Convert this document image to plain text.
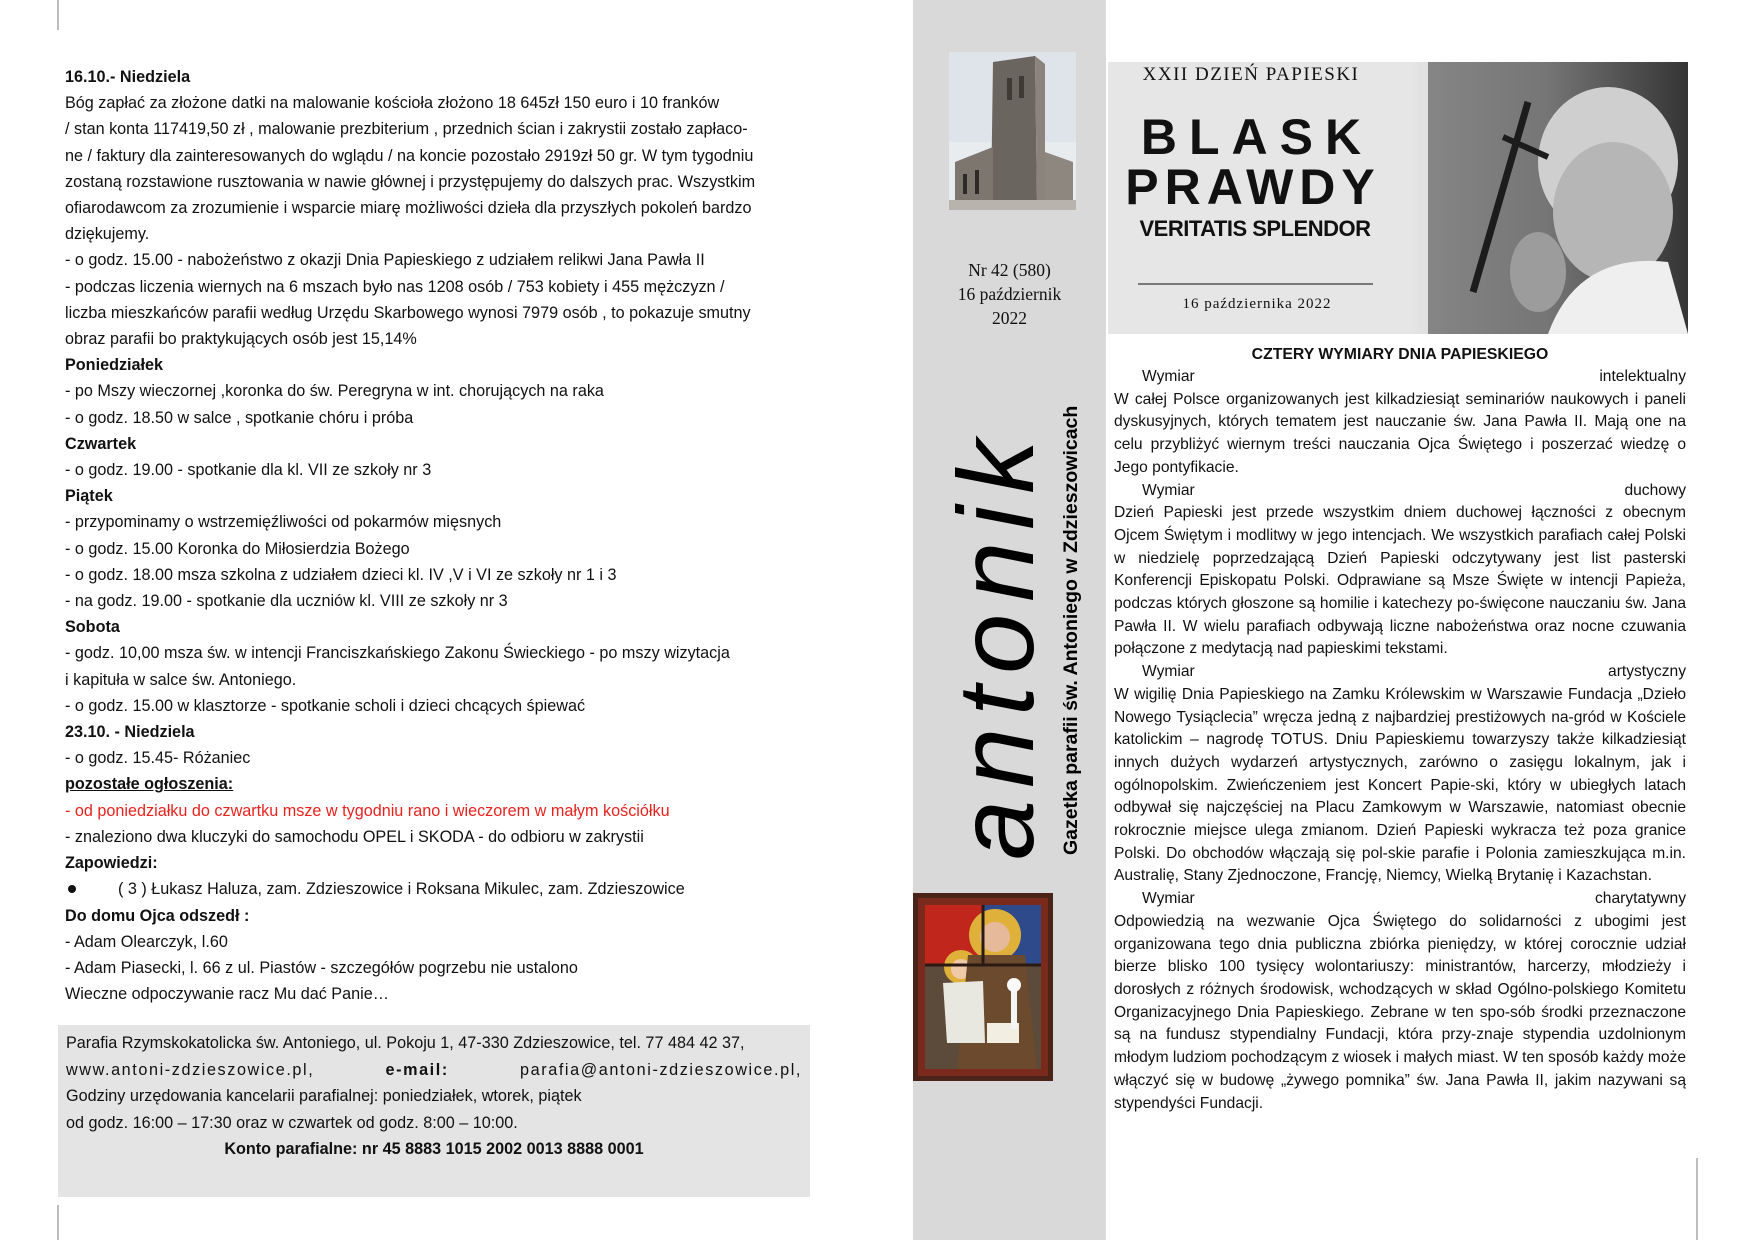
16.10.- Niedziela
Bóg zapłać za złożone datki na malowanie kościoła złożono 18 645zł 150 euro i 10 franków
/ stan konta 117419,50 zł , malowanie prezbiterium , przednich ścian i zakrystii zostało zapłaco-
ne / faktury dla zainteresowanych do wglądu / na koncie pozostało 2919zł 50 gr. W tym tygodniu
zostaną rozstawione rusztowania w nawie głównej i przystępujemy do dalszych prac. Wszystkim
ofiarodawcom za zrozumienie i wsparcie miarę możliwości dzieła dla przyszłych pokoleń bardzo
dziękujemy.
- o godz. 15.00 - nabożeństwo z okazji Dnia Papieskiego z udziałem relikwi Jana Pawła II
- podczas liczenia wiernych na 6 mszach było nas 1208 osób / 753 kobiety i 455 mężczyzn /
liczba mieszkańców parafii według Urzędu Skarbowego wynosi 7979 osób , to pokazuje smutny
obraz parafii bo praktykujących osób jest 15,14%
Poniedziałek
- po Mszy wieczornej ,koronka do św. Peregryna w int. chorujących na raka
- o godz. 18.50 w salce , spotkanie chóru i próba
Czwartek
- o godz. 19.00 - spotkanie dla kl. VII ze szkoły nr 3
Piątek
- przypominamy o wstrzemięźliwości od pokarmów mięsnych
- o godz. 15.00 Koronka do Miłosierdzia Bożego
- o godz. 18.00 msza szkolna z udziałem dzieci kl. IV ,V i VI ze szkoły nr 1 i 3
- na godz. 19.00 - spotkanie dla uczniów kl. VIII ze szkoły nr 3
Sobota
- godz. 10,00 msza św. w intencji Franciszkańskiego Zakonu Świeckiego - po mszy wizytacja
i kapituła w salce św. Antoniego.
- o godz. 15.00 w klasztorze - spotkanie scholi i dzieci chcących śpiewać
23.10. - Niedziela
- o godz. 15.45- Różaniec
pozostałe ogłoszenia:
- od poniedziałku do czwartku msze w tygodniu rano i wieczorem w małym kościółku
- znaleziono dwa kluczyki do samochodu OPEL i SKODA - do odbioru w zakrystii
Zapowiedzi:
( 3 ) Łukasz Haluza, zam. Zdzieszowice i Roksana Mikulec, zam. Zdzieszowice
Do domu Ojca odszedł :
- Adam Olearczyk, l.60
- Adam Piasecki, l. 66 z ul. Piastów - szczegółów pogrzebu nie ustalono
Wieczne odpoczywanie racz Mu dać Panie…
Parafia Rzymskokatolicka św. Antoniego, ul. Pokoju 1, 47-330 Zdzieszowice, tel. 77 484 42 37,
www.antoni-zdzieszowice.pl,	e-mail:	parafia@antoni-zdzieszowice.pl,
Godziny urzędowania kancelarii parafialnej: poniedziałek, wtorek, piątek
od godz. 16:00 – 17:30 oraz w czwartek od godz. 8:00 – 10:00.
Konto parafialne: nr 45 8883 1015 2002 0013 8888 0001
Nr 42 (580)
16 październik
2022
antonik Gazetka parafii św. Antoniego w Zdzieszowicach
XXII DZIEŃ PAPIESKI
BLASK
PRAWDY
VERITATIS SPLENDOR
16 października 2022
CZTERY WYMIARY DNIA PAPIESKIEGO
Wymiar	intelektualny

W całej Polsce organizowanych jest kilkadziesiąt seminariów naukowych i paneli dyskusyjnych, których tematem jest nauczanie św. Jana Pawła II. Mają one na celu przybliżyć wiernym treści nauczania Ojca Świętego i poszerzać wiedzę o Jego pontyfikacie.

Wymiar	duchowy

Dzień Papieski jest przede wszystkim dniem duchowej łączności z obecnym Ojcem Świętym i modlitwy w jego intencjach. We wszystkich parafiach całej Polski w niedzielę poprzedzającą Dzień Papieski odczytywany jest list pasterski Konferencji Episkopatu Polski. Odprawiane są Msze Święte w intencji Papieża, podczas których głoszone są homilie i katechezy po-święcone nauczaniu św. Jana Pawła II. W wielu parafiach odbywają liczne nabożeństwa oraz nocne czuwania połączone z medytacją nad papieskimi tekstami.

Wymiar	artystyczny

W wigilię Dnia Papieskiego na Zamku Królewskim w Warszawie Fundacja „Dzieło Nowego Tysiąclecia” wręcza jedną z najbardziej prestiżowych na-gród w Kościele katolickim – nagrodę TOTUS. Dniu Papieskiemu towarzyszy także kilkadziesiąt innych dużych wydarzeń artystycznych, zarówno o zasięgu lokalnym, jak i ogólnopolskim. Zwieńczeniem jest Koncert Papie-ski, który w ubiegłych latach odbywał się najczęściej na Placu Zamkowym w Warszawie, natomiast obecnie rokrocznie miejsce ulega zmianom. Dzień Papieski wykracza też poza granice Polski. Do obchodów włączają się pol-skie parafie i Polonia zamieszkująca m.in. Australię, Stany Zjednoczone, Francję, Niemcy, Wielką Brytanię i Kazachstan.

Wymiar	charytatywny

Odpowiedzią na wezwanie Ojca Świętego do solidarności z ubogimi jest organizowana tego dnia publiczna zbiórka pieniędzy, w której corocznie udział bierze blisko 100 tysięcy wolontariuszy: ministrantów, harcerzy, młodzieży i dorosłych z różnych środowisk, wchodzących w skład Ogólno-polskiego Komitetu Organizacyjnego Dnia Papieskiego. Zebrane w ten spo-sób środki przeznaczone są na fundusz stypendialny Fundacji, która przy-znaje stypendia uzdolnionym młodym ludziom pochodzącym z wiosek i małych miast. W ten sposób każdy może włączyć się w budowę „żywego pomnika” św. Jana Pawła II, jakim nazywani są stypendyści Fundacji.
